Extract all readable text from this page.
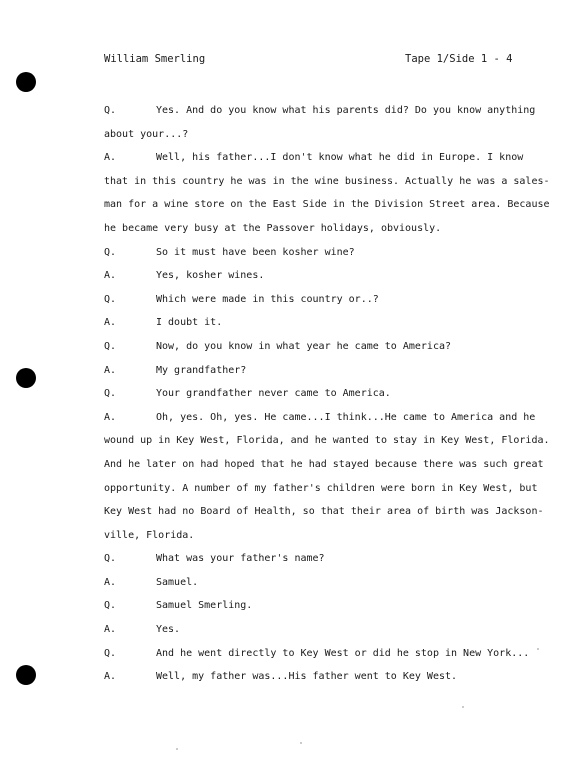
William Smerling	Tape 1/Side 1 - 4
Q.	Yes. And do you know what his parents did? Do you know anything
about your...?
A.	Well, his father...I don't know what he did in Europe. I know
that in this country he was in the wine business. Actually he was a sales-
man for a wine store on the East Side in the Division Street area. Because
he became very busy at the Passover holidays, obviously.
Q.	So it must have been kosher wine?
A.	Yes, kosher wines.
Q.	Which were made in this country or..?
A.	I doubt it.
Q.	Now, do you know in what year he came to America?
A.	My grandfather?
Q.	Your grandfather never came to America.
A.	Oh, yes. Oh, yes. He came...I think...He came to America and he
wound up in Key West, Florida, and he wanted to stay in Key West, Florida.
And he later on had hoped that he had stayed because there was such great
opportunity. A number of my father's children were born in Key West, but
Key West had no Board of Health, so that their area of birth was Jackson-
ville, Florida.
Q.	What was your father's name?
A.	Samuel.
Q.	Samuel Smerling.
A.	Yes.
Q.	And he went directly to Key West or did he stop in New York...
A.	Well, my father was...His father went to Key West.
